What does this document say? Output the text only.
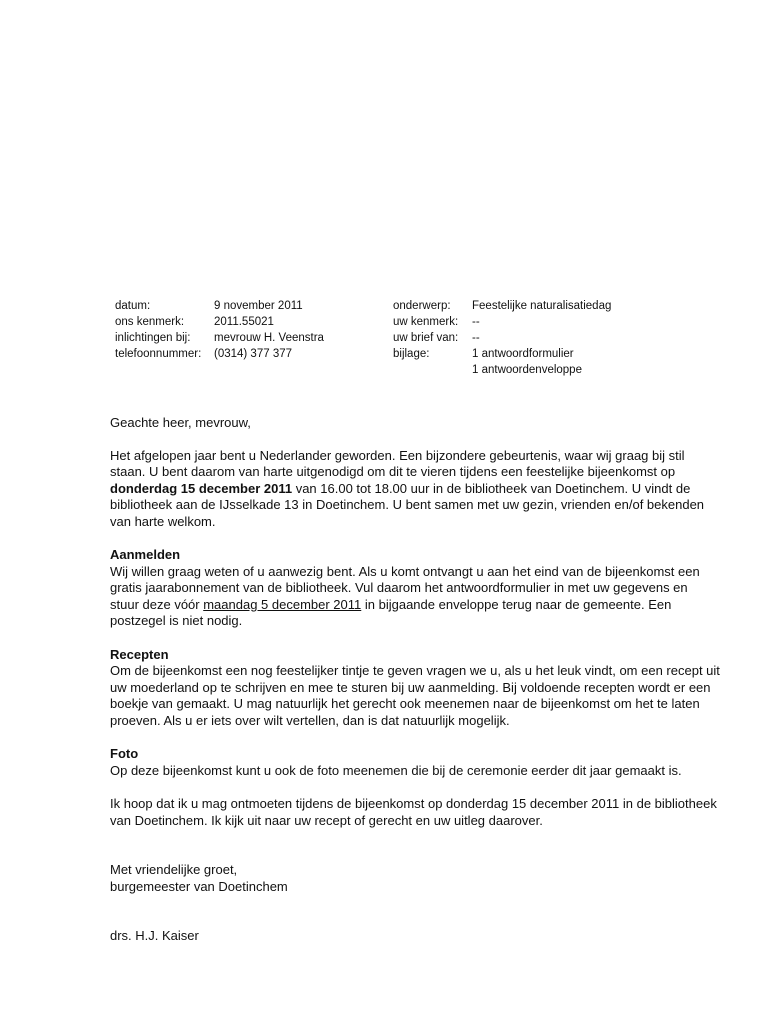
datum:	9 november 2011
ons kenmerk:	2011.55021
inlichtingen bij:	mevrouw H. Veenstra
telefoonnummer:	(0314) 377 377
onderwerp:	Feestelijke naturalisatiedag
uw kenmerk:	--
uw brief van:	--
bijlage:	1 antwoordformulier
1 antwoordenveloppe

Geachte heer, mevrouw,

Het afgelopen jaar bent u Nederlander geworden. Een bijzondere gebeurtenis, waar wij graag bij stil staan. U bent daarom van harte uitgenodigd om dit te vieren tijdens een feestelijke bijeenkomst op donderdag 15 december 2011 van 16.00 tot 18.00 uur in de bibliotheek van Doetinchem. U vindt de bibliotheek aan de IJsselkade 13 in Doetinchem. U bent samen met uw gezin, vrienden en/of bekenden van harte welkom.

Aanmelden

Wij willen graag weten of u aanwezig bent. Als u komt ontvangt u aan het eind van de bijeenkomst een gratis jaarabonnement van de bibliotheek. Vul daarom het antwoordformulier in met uw gegevens en stuur deze vóór maandag 5 december 2011 in bijgaande enveloppe terug naar de gemeente. Een postzegel is niet nodig.

Recepten

Om de bijeenkomst een nog feestelijker tintje te geven vragen we u, als u het leuk vindt, om een recept uit uw moederland op te schrijven en mee te sturen bij uw aanmelding. Bij voldoende recepten wordt er een boekje van gemaakt. U mag natuurlijk het gerecht ook meenemen naar de bijeenkomst om het te laten proeven. Als u er iets over wilt vertellen, dan is dat natuurlijk mogelijk.

Foto

Op deze bijeenkomst kunt u ook de foto meenemen die bij de ceremonie eerder dit jaar gemaakt is.

Ik hoop dat ik u mag ontmoeten tijdens de bijeenkomst op donderdag 15 december 2011 in de bibliotheek van Doetinchem. Ik kijk uit naar uw recept of gerecht en uw uitleg daarover.

Met vriendelijke groet,

burgemeester van Doetinchem

drs. H.J. Kaiser
